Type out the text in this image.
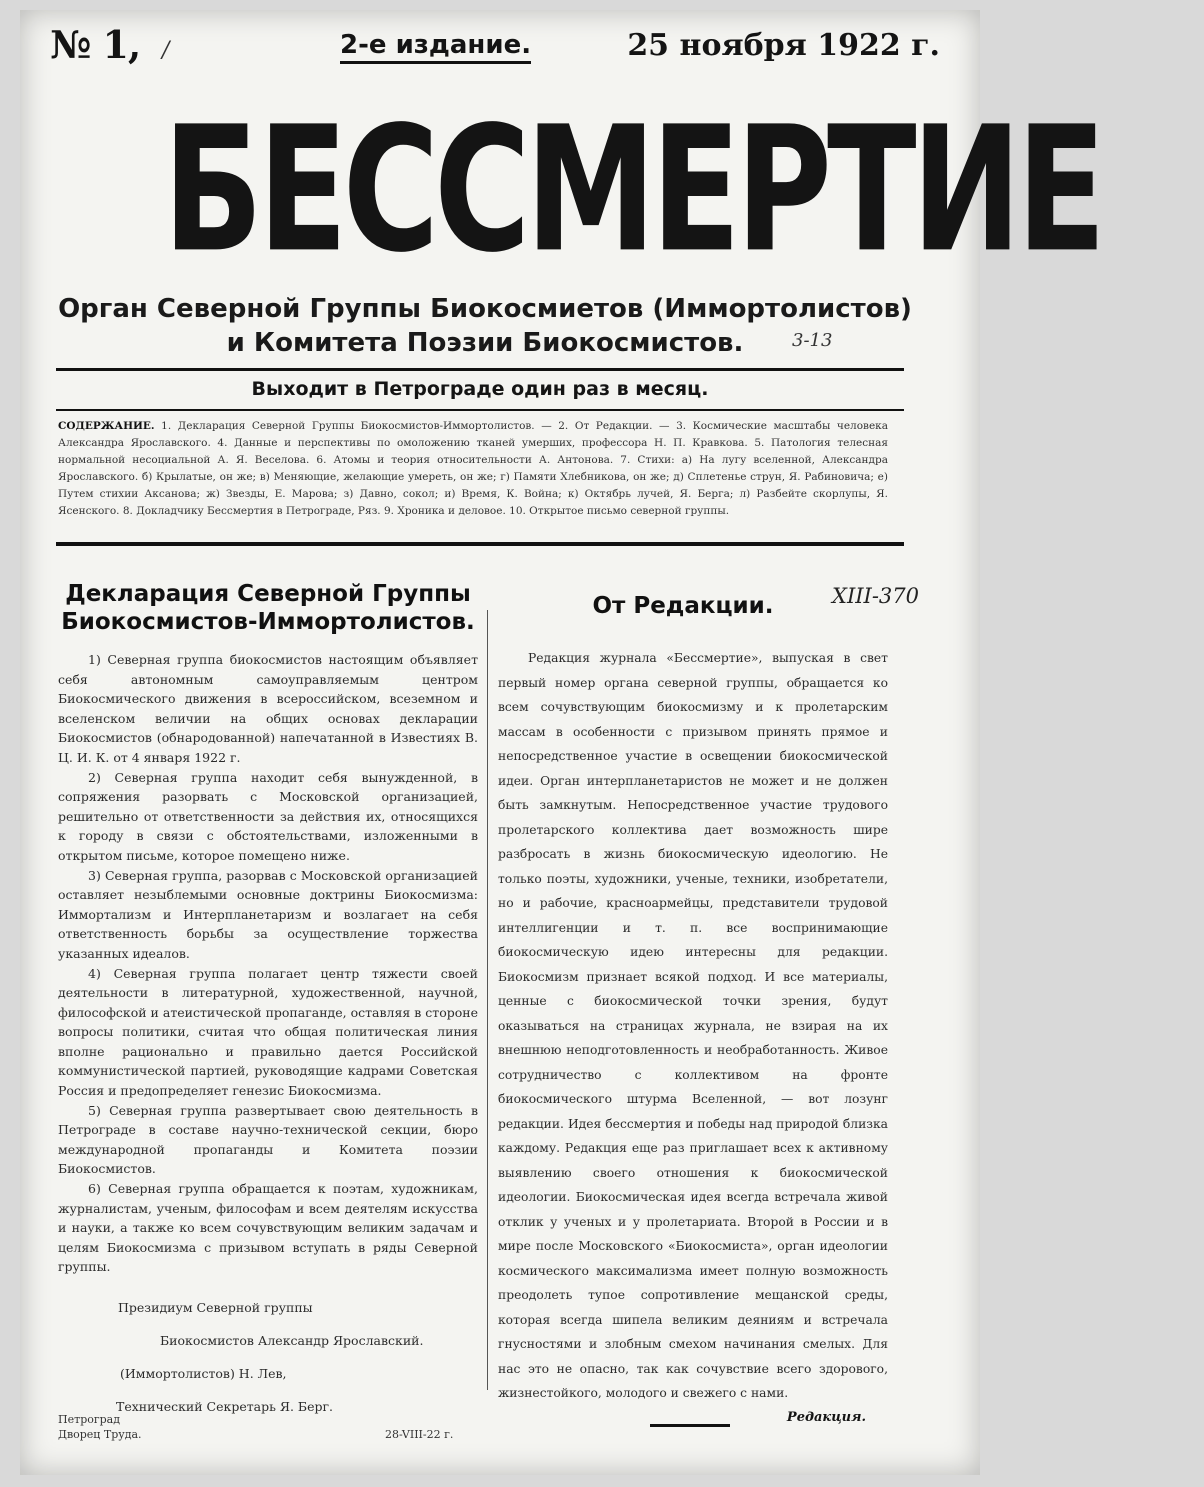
№ 1, /	2-е издание.	25 ноября 1922 г.
БЕССМЕРТИЕ
Орган Северной Группы Биокосмиетов (Иммортолистов)
и Комитета Поэзии Биокосмистов.	3-13
Выходит в Петрограде один раз в месяц.
СОДЕРЖАНИЕ. 1. Декларация Северной Группы Биокосмистов-Иммортолистов. — 2. От Редакции. — 3. Космические масштабы человека Александра Ярославского. 4. Данные и перспективы по омоложению тканей умерших, профессора Н. П. Кравкова. 5. Патология телесная нормальной несоциальной А. Я. Веселова. 6. Атомы и теория относительности А. Антонова. 7. Стихи: а) На лугу вселенной, Александра Ярославского. б) Крылатые, он же; в) Меняющие, желающие умереть, он же; г) Памяти Хлебникова, он же; д) Сплетенье струн, Я. Рабиновича; е) Путем стихии Аксанова; ж) Звезды, Е. Марова; з) Давно, сокол; и) Время, К. Война; к) Октябрь лучей, Я. Берга; л) Разбейте скорлупы, Я. Ясенского. 8. Докладчику Бессмертия в Петрограде, Ряз. 9. Хроника и деловое. 10. Открытое письмо северной группы.
Декларация Северной Группы
Биокосмистов-Иммортолистов.

1) Северная группа биокосмистов настоящим объявляет себя автономным самоуправляемым центром Биокосмического движения в всероссийском, всеземном и вселенском величии на общих основах декларации Биокосмистов (обнародованной) напечатанной в Известиях В. Ц. И. К. от 4 января 1922 г.

2) Северная группа находит себя вынужденной, в сопряжения разорвать с Московской организацией, решительно от ответственности за действия их, относящихся к городу в связи с обстоятельствами, изложенными в открытом письме, которое помещено ниже.

3) Северная группа, разорвав с Московской организацией оставляет незыблемыми основные доктрины Биокосмизма: Иммортализм и Интерпланетаризм и возлагает на себя ответственность борьбы за осуществление торжества указанных идеалов.

4) Северная группа полагает центр тяжести своей деятельности в литературной, художественной, научной, философской и атеистической пропаганде, оставляя в стороне вопросы политики, считая что общая политическая линия вполне рационально и правильно дается Российской коммунистической партией, руководящие кадрами Советская Россия и предопределяет генезис Биокосмизма.

5) Северная группа развертывает свою деятельность в Петрограде в составе научно-технической секции, бюро международной пропаганды и Комитета поэзии Биокосмистов.

6) Северная группа обращается к поэтам, художникам, журналистам, ученым, философам и всем деятелям искусства и науки, а также ко всем сочувствующим великим задачам и целям Биокосмизма с призывом вступать в ряды Северной группы.

Президиум Северной группы
Биокосмистов Александр Ярославский.
(Иммортолистов) Н. Лев,
Технический Секретарь Я. Берг.
От Редакции.

Редакция журнала «Бессмертие», выпуская в свет первый номер органа северной группы, обращается ко всем сочувствующим биокосмизму и к пролетарским массам в особенности с призывом принять прямое и непосредственное участие в освещении биокосмической идеи. Орган интерпланетаристов не может и не должен быть замкнутым. Непосредственное участие трудового пролетарского коллектива дает возможность шире разбросать в жизнь биокосмическую идеологию. Не только поэты, художники, ученые, техники, изобретатели, но и рабочие, красноармейцы, представители трудовой интеллигенции и т. п. все воспринимающие биокосмическую идею интересны для редакции. Биокосмизм признает всякой подход. И все материалы, ценные с биокосмической точки зрения, будут оказываться на страницах журнала, не взирая на их внешнюю неподготовленность и необработанность. Живое сотрудничество с коллективом на фронте биокосмического штурма Вселенной, — вот лозунг редакции. Идея бессмертия и победы над природой близка каждому. Редакция еще раз приглашает всех к активному выявлению своего отношения к биокосмической идеологии. Биокосмическая идея всегда встречала живой отклик у ученых и у пролетариата. Второй в России и в мире после Московского «Биокосмиста», орган идеологии космического максимализма имеет полную возможность преодолеть тупое сопротивление мещанской среды, которая всегда шипела великим деяниям и встречала гнусностями и злобным смехом начинания смелых. Для нас это не опасно, так как сочувствие всего здорового, жизнестойкого, молодого и свежего с нами.

Редакция.
XIII-370
Петроград
Дворец Труда.	28-VIII-22 г.
